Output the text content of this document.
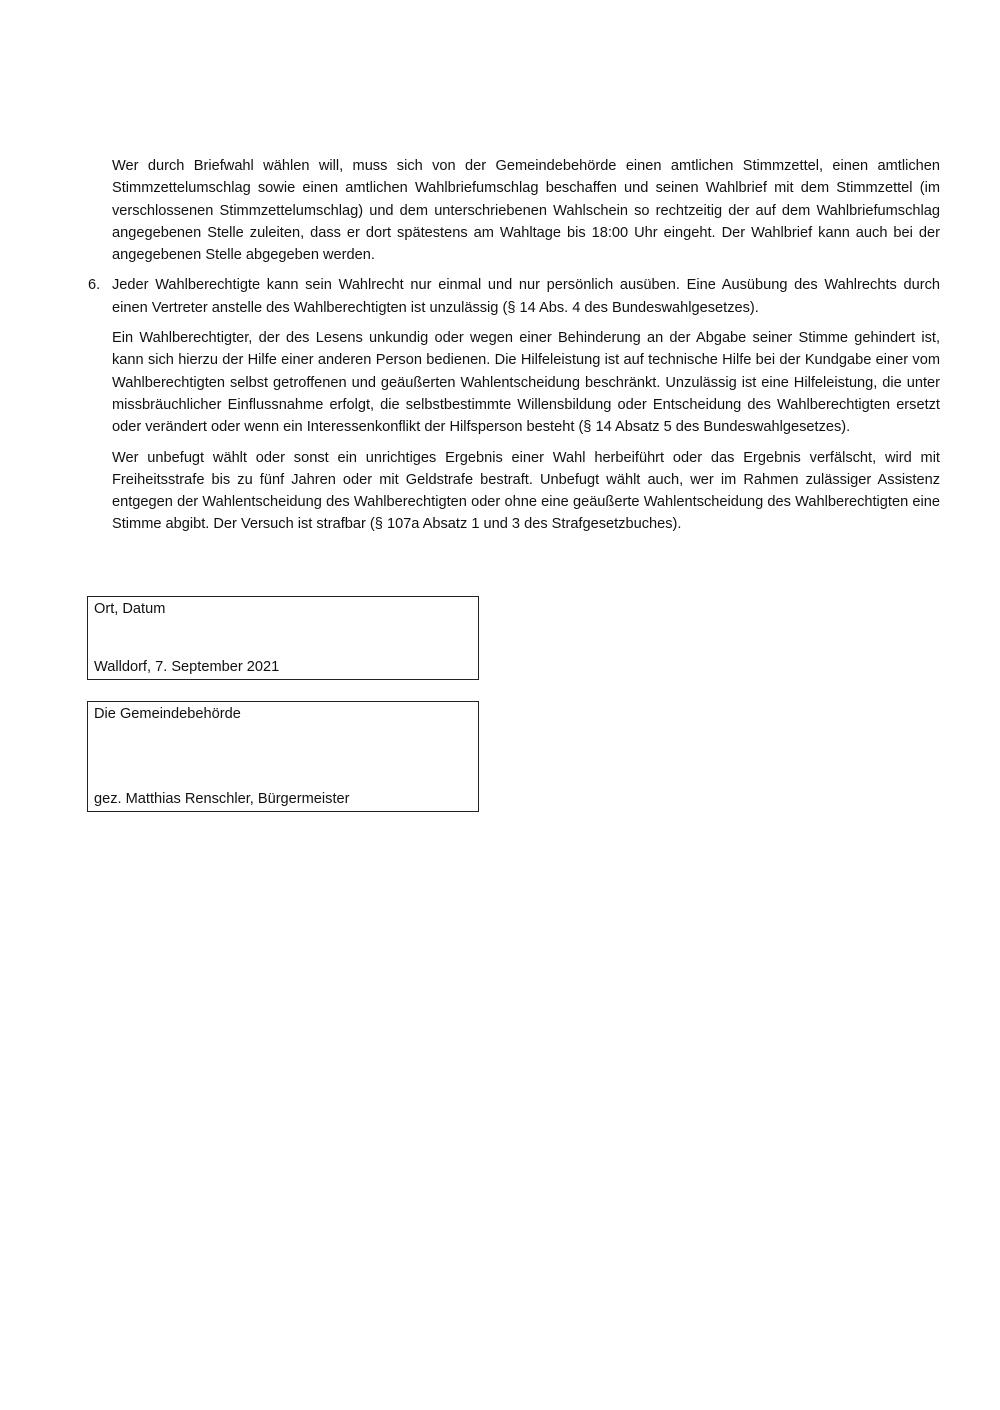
Wer durch Briefwahl wählen will, muss sich von der Gemeindebehörde einen amtlichen Stimmzettel, einen amtlichen Stimmzettelumschlag sowie einen amtlichen Wahlbriefumschlag beschaffen und seinen Wahlbrief mit dem Stimmzettel (im verschlossenen Stimmzettelumschlag) und dem unterschriebenen Wahlschein so rechtzeitig der auf dem Wahlbriefumschlag angegebenen Stelle zuleiten, dass er dort spätestens am Wahltage bis 18:00 Uhr eingeht. Der Wahlbrief kann auch bei der angegebenen Stelle abgegeben werden.

6. Jeder Wahlberechtigte kann sein Wahlrecht nur einmal und nur persönlich ausüben. Eine Ausübung des Wahlrechts durch einen Vertreter anstelle des Wahlberechtigten ist unzulässig (§ 14 Abs. 4 des Bundeswahlgesetzes).

Ein Wahlberechtigter, der des Lesens unkundig oder wegen einer Behinderung an der Abgabe seiner Stimme gehindert ist, kann sich hierzu der Hilfe einer anderen Person bedienen. Die Hilfeleistung ist auf technische Hilfe bei der Kundgabe einer vom Wahlberechtigten selbst getroffenen und geäußerten Wahlentscheidung beschränkt. Unzulässig ist eine Hilfeleistung, die unter missbräuchlicher Einflussnahme erfolgt, die selbstbestimmte Willensbildung oder Entscheidung des Wahlberechtigten ersetzt oder verändert oder wenn ein Interessenkonflikt der Hilfsperson besteht (§ 14 Absatz 5 des Bundeswahlgesetzes).

Wer unbefugt wählt oder sonst ein unrichtiges Ergebnis einer Wahl herbeiführt oder das Ergebnis verfälscht, wird mit Freiheitsstrafe bis zu fünf Jahren oder mit Geldstrafe bestraft. Unbefugt wählt auch, wer im Rahmen zulässiger Assistenz entgegen der Wahlentscheidung des Wahlberechtigten oder ohne eine geäußerte Wahlentscheidung des Wahlberechtigten eine Stimme abgibt. Der Versuch ist strafbar (§ 107a Absatz 1 und 3 des Strafgesetzbuches).

Ort, Datum
Walldorf, 7. September 2021
Die Gemeindebehörde
gez. Matthias Renschler, Bürgermeister
